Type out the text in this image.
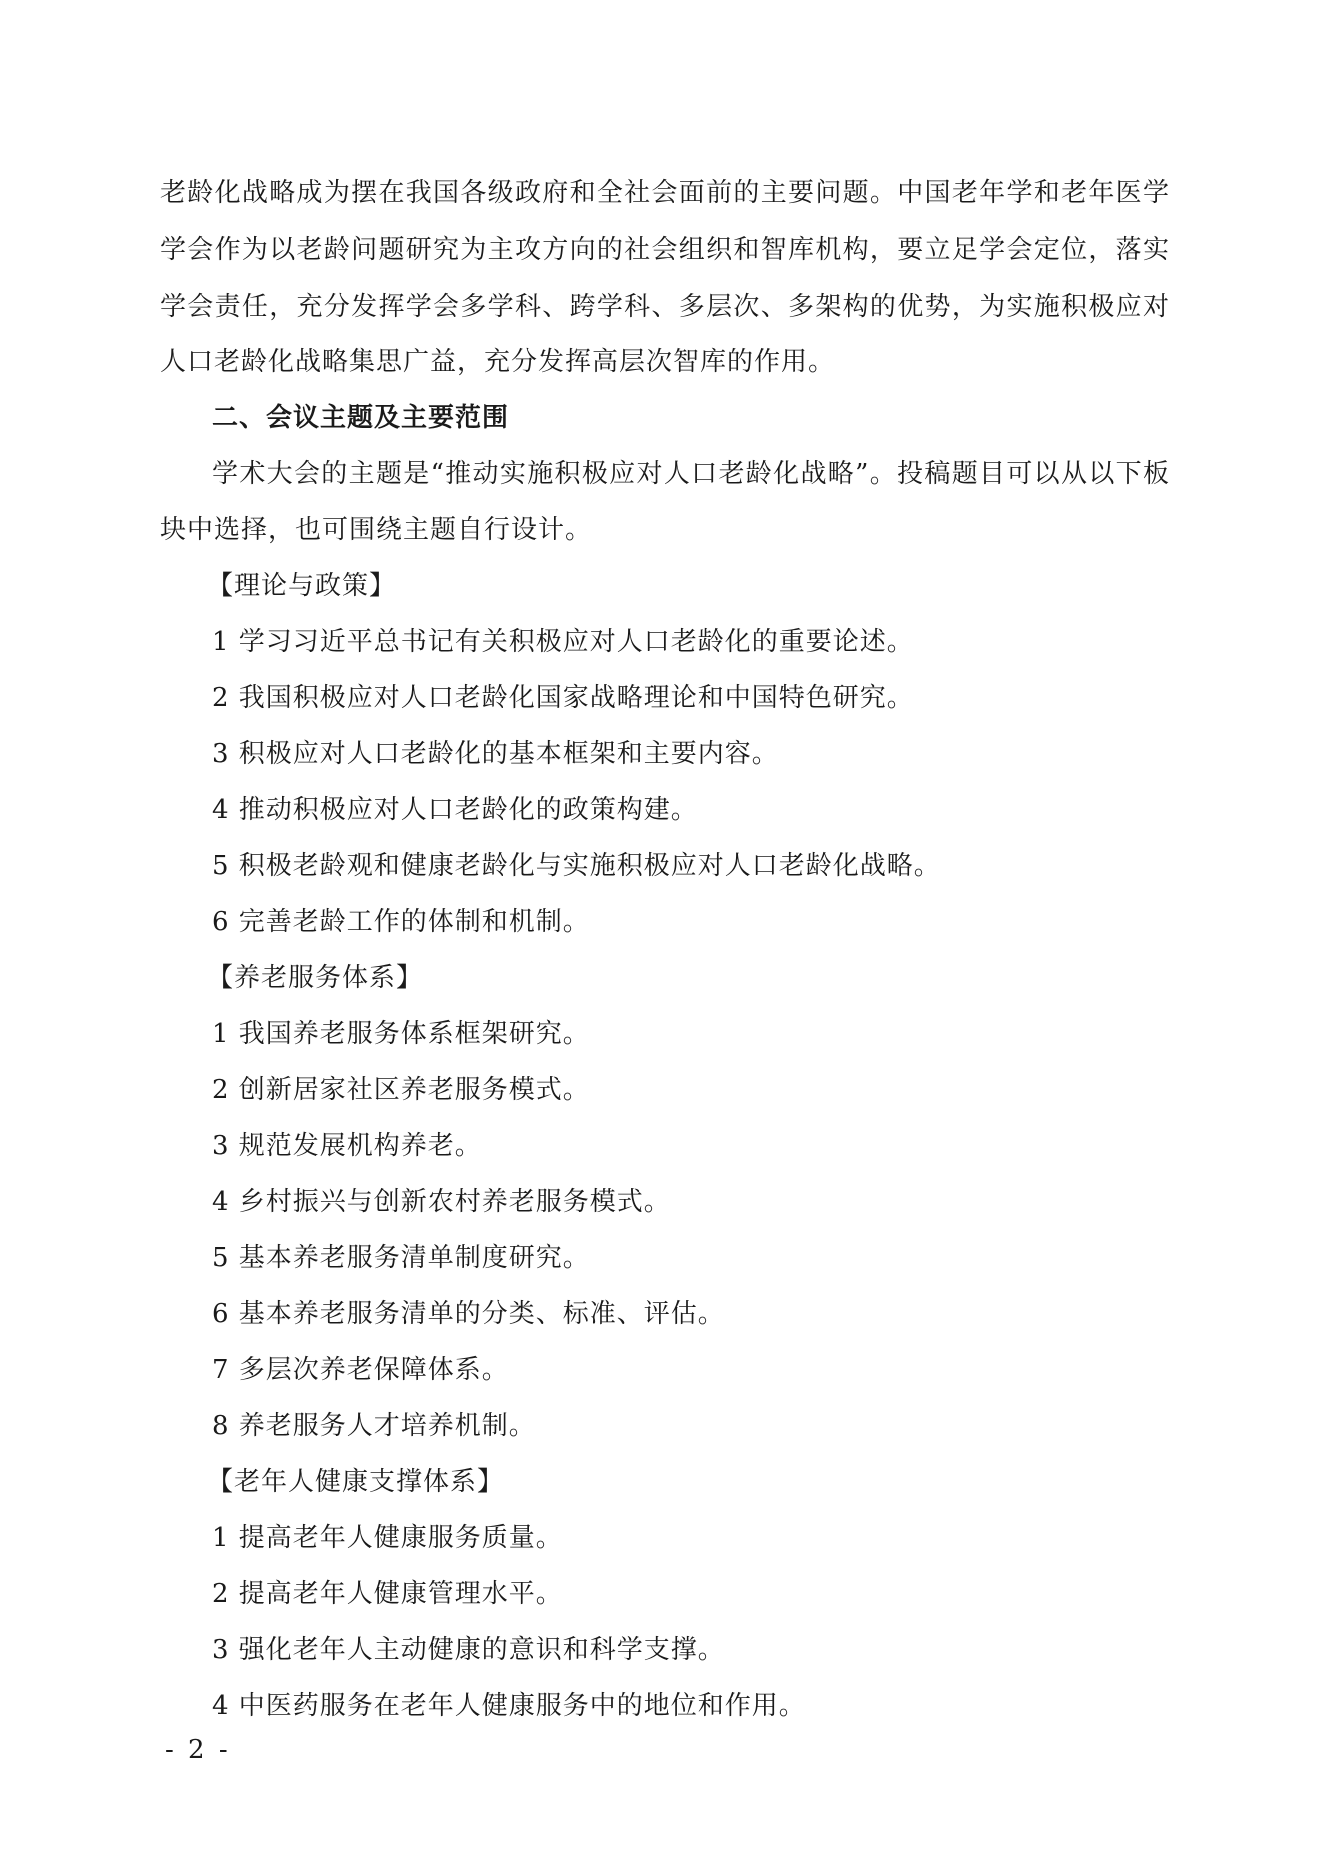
老龄化战略成为摆在我国各级政府和全社会面前的主要问题。中国老年学和老年医学
学会作为以老龄问题研究为主攻方向的社会组织和智库机构，要立足学会定位，落实
学会责任，充分发挥学会多学科、跨学科、多层次、多架构的优势，为实施积极应对
人口老龄化战略集思广益，充分发挥高层次智库的作用。
二、会议主题及主要范围
学术大会的主题是“推动实施积极应对人口老龄化战略”。投稿题目可以从以下板
块中选择，也可围绕主题自行设计。
【理论与政策】
1 学习习近平总书记有关积极应对人口老龄化的重要论述。
2 我国积极应对人口老龄化国家战略理论和中国特色研究。
3 积极应对人口老龄化的基本框架和主要内容。
4 推动积极应对人口老龄化的政策构建。
5 积极老龄观和健康老龄化与实施积极应对人口老龄化战略。
6 完善老龄工作的体制和机制。
【养老服务体系】
1 我国养老服务体系框架研究。
2 创新居家社区养老服务模式。
3 规范发展机构养老。
4 乡村振兴与创新农村养老服务模式。
5 基本养老服务清单制度研究。
6 基本养老服务清单的分类、标准、评估。
7 多层次养老保障体系。
8 养老服务人才培养机制。
【老年人健康支撑体系】
1 提高老年人健康服务质量。
2 提高老年人健康管理水平。
3 强化老年人主动健康的意识和科学支撑。
4 中医药服务在老年人健康服务中的地位和作用。
- 2 -
